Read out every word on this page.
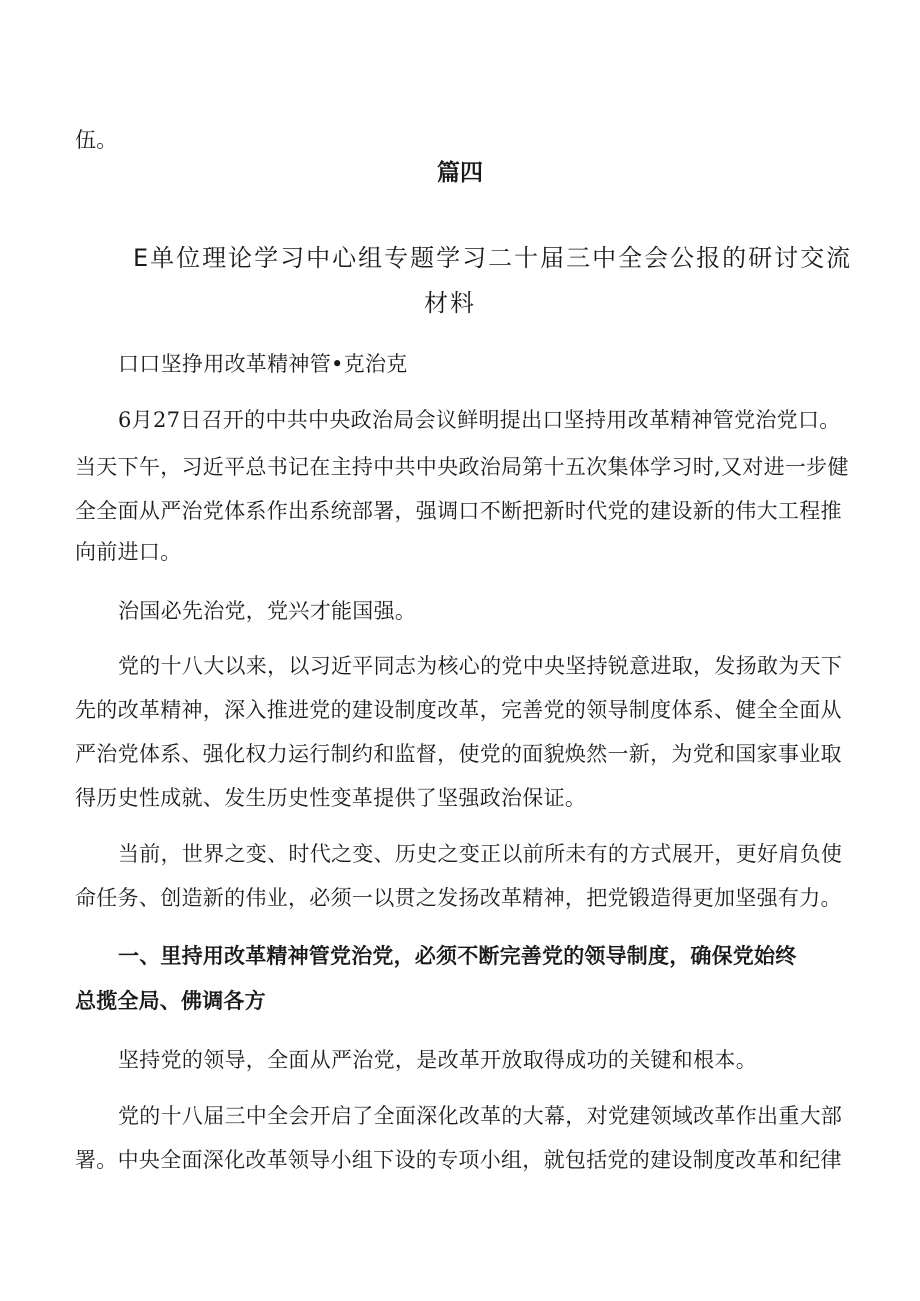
伍。
篇四
E单位理论学习中心组专题学习二十届三中全会公报的研讨交流
材料
口口坚挣用改革精神管•克治克
6月27日召开的中共中央政治局会议鲜明提出口坚持用改革精神管党治党口。
当天下午，习近平总书记在主持中共中央政治局第十五次集体学习时,又对进一步健
全全面从严治党体系作出系统部署，强调口不断把新时代党的建设新的伟大工程推
向前进口。
治国必先治党，党兴才能国强。
党的十八大以来，以习近平同志为核心的党中央坚持锐意进取，发扬敢为天下
先的改革精神，深入推进党的建设制度改革，完善党的领导制度体系、健全全面从
严治党体系、强化权力运行制约和监督，使党的面貌焕然一新，为党和国家事业取
得历史性成就、发生历史性变革提供了坚强政治保证。
当前，世界之变、时代之变、历史之变正以前所未有的方式展开，更好肩负使
命任务、创造新的伟业，必须一以贯之发扬改革精神，把党锻造得更加坚强有力。
一、里持用改革精神管党治党，必须不断完善党的领导制度，确保党始终
总揽全局、佛调各方
坚持党的领导，全面从严治党，是改革开放取得成功的关键和根本。
党的十八届三中全会开启了全面深化改革的大幕，对党建领域改革作出重大部
署。中央全面深化改革领导小组下设的专项小组，就包括党的建设制度改革和纪律
